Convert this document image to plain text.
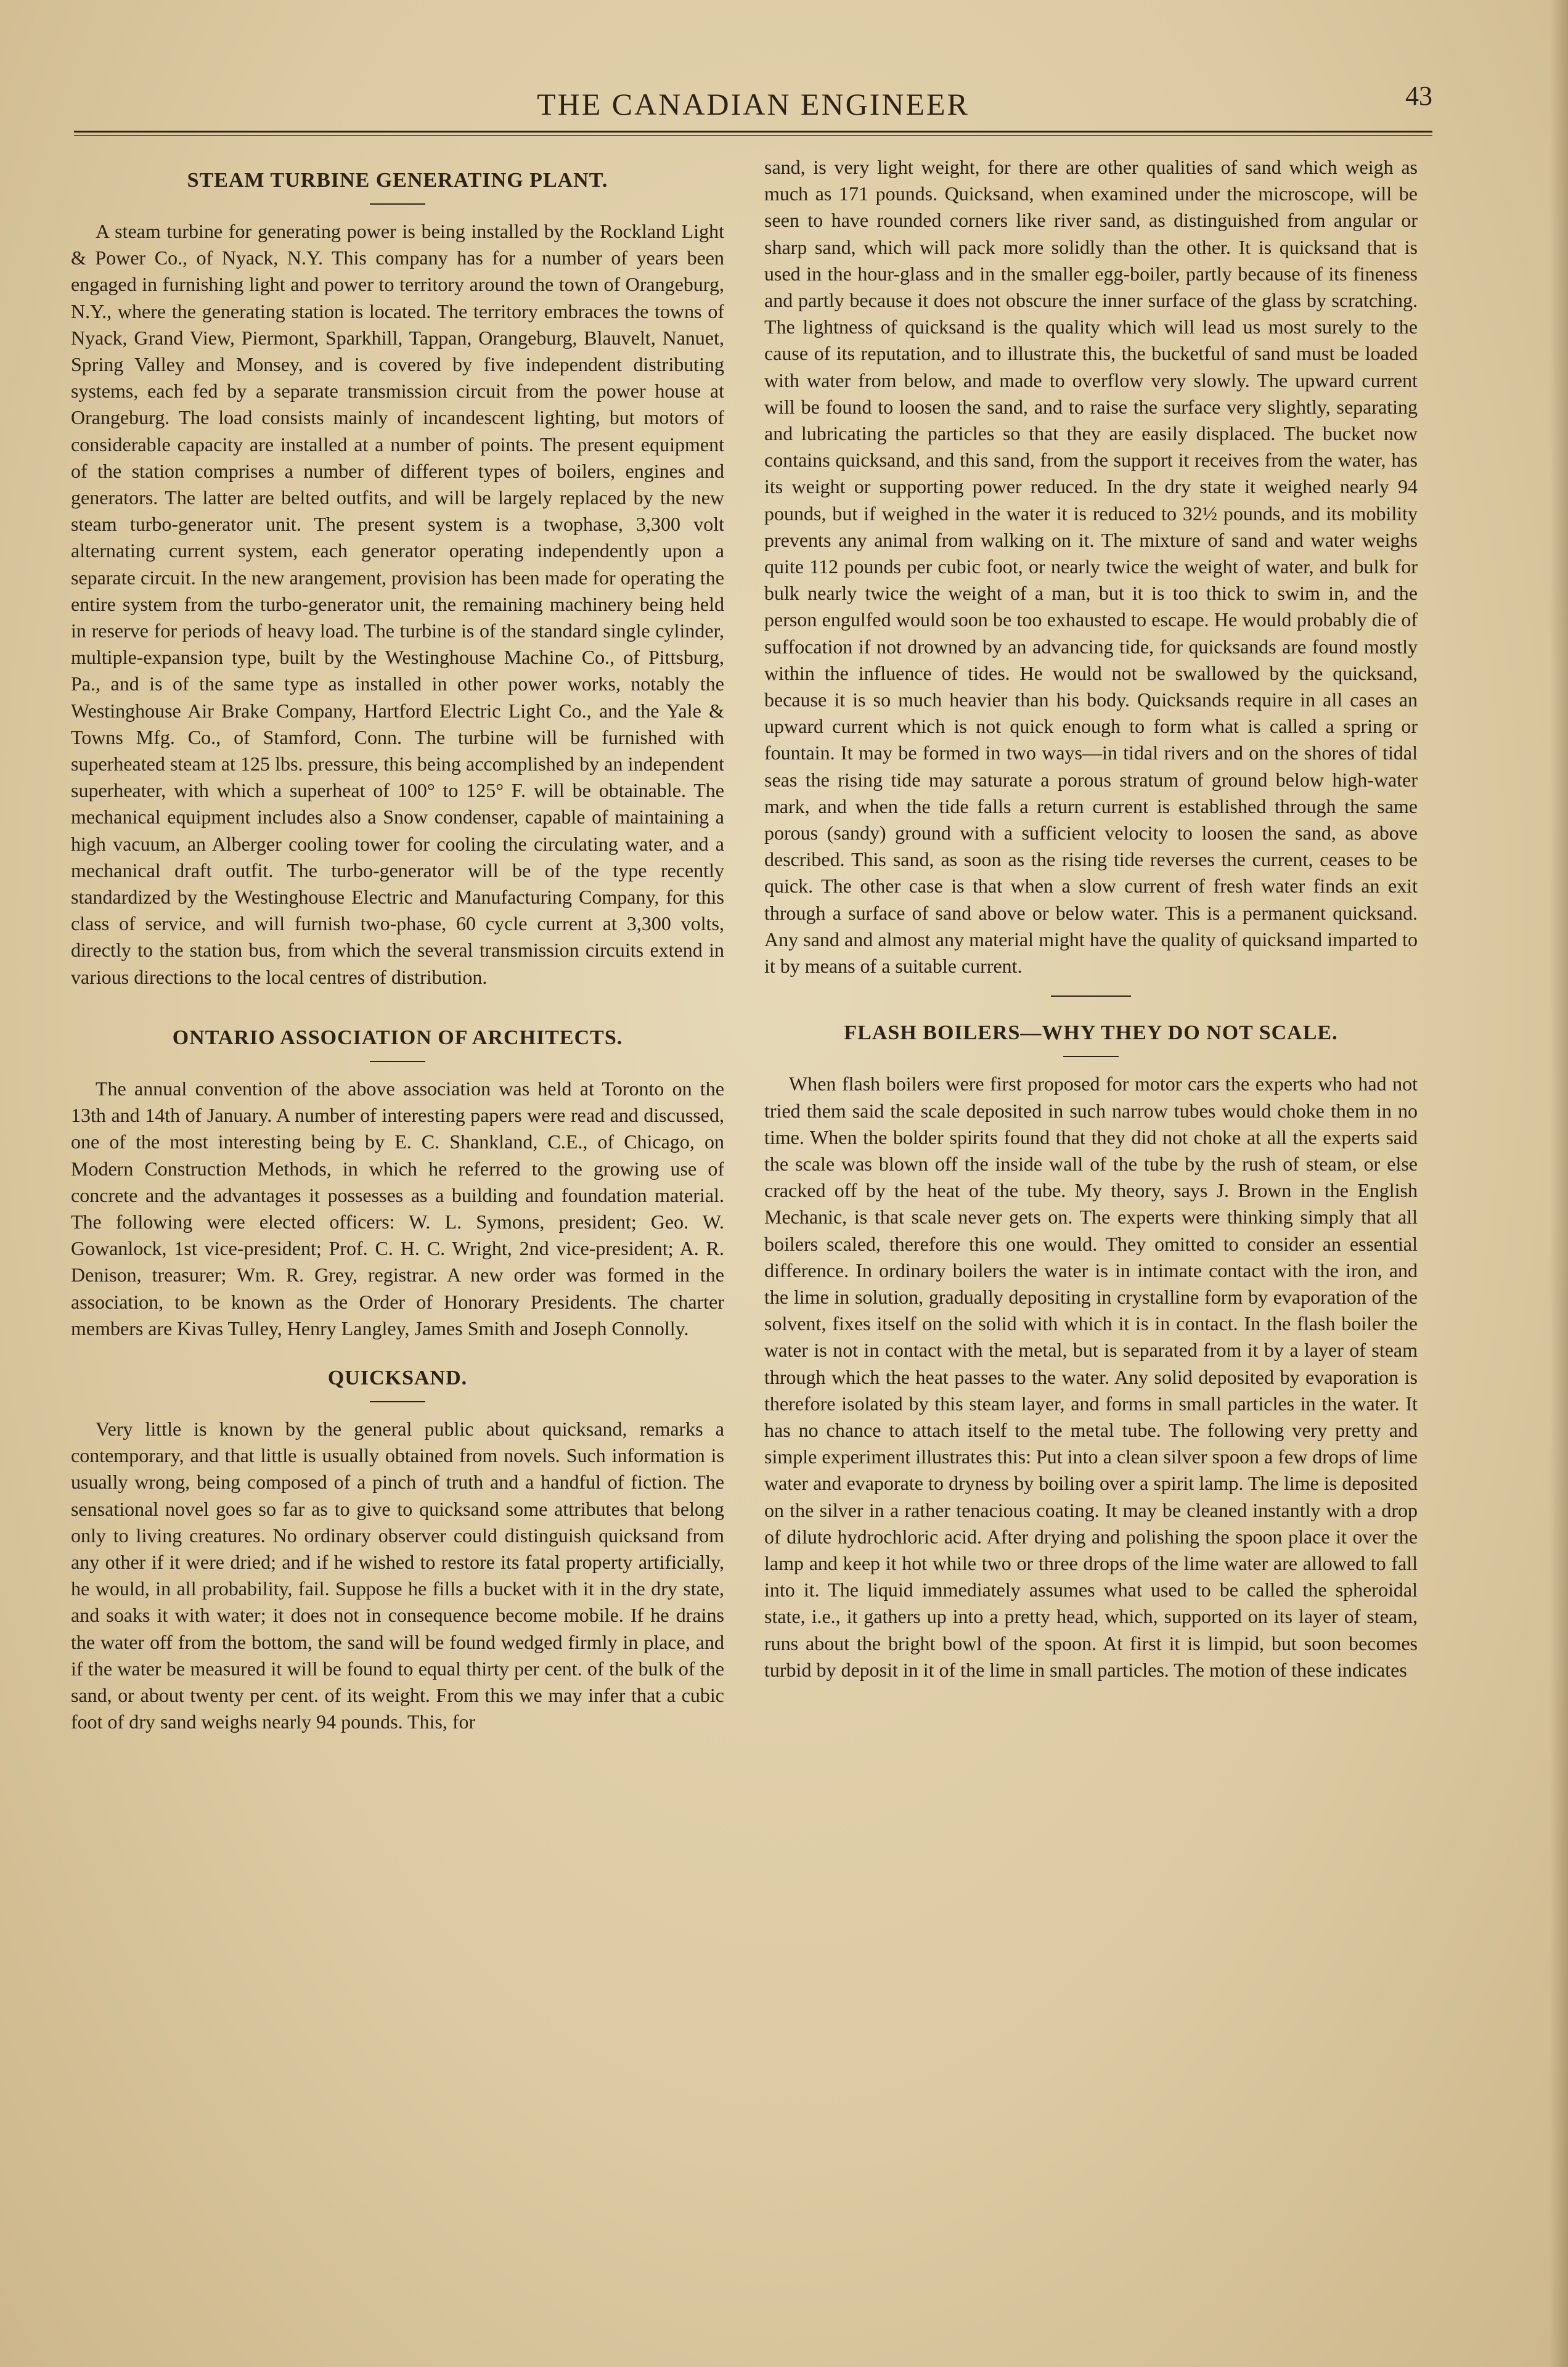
THE CANADIAN ENGINEER	43
STEAM TURBINE GENERATING PLANT.

A steam turbine for generating power is being installed by the Rockland Light & Power Co., of Nyack, N.Y. This company has for a number of years been engaged in furnishing light and power to territory around the town of Orangeburg, N.Y., where the generating station is located. The territory embraces the towns of Nyack, Grand View, Piermont, Sparkhill, Tappan, Orangeburg, Blauvelt, Nanuet, Spring Valley and Monsey, and is covered by five independent distributing systems, each fed by a separate transmission circuit from the power house at Orangeburg. The load consists mainly of incandescent lighting, but motors of considerable capacity are installed at a number of points. The present equipment of the station comprises a number of different types of boilers, engines and generators. The latter are belted outfits, and will be largely replaced by the new steam turbo-generator unit. The present system is a twophase, 3,300 volt alternating current system, each generator operating independently upon a separate circuit. In the new arangement, provision has been made for operating the entire system from the turbo-generator unit, the remaining machinery being held in reserve for periods of heavy load. The turbine is of the standard single cylinder, multiple-expansion type, built by the Westinghouse Machine Co., of Pittsburg, Pa., and is of the same type as installed in other power works, notably the Westinghouse Air Brake Company, Hartford Electric Light Co., and the Yale & Towns Mfg. Co., of Stamford, Conn. The turbine will be furnished with superheated steam at 125 lbs. pressure, this being accomplished by an independent superheater, with which a superheat of 100° to 125° F. will be obtainable. The mechanical equipment includes also a Snow condenser, capable of maintaining a high vacuum, an Alberger cooling tower for cooling the circulating water, and a mechanical draft outfit. The turbo-generator will be of the type recently standardized by the Westinghouse Electric and Manufacturing Company, for this class of service, and will furnish two-phase, 60 cycle current at 3,300 volts, directly to the station bus, from which the several transmission circuits extend in various directions to the local centres of distribution.

ONTARIO ASSOCIATION OF ARCHITECTS.

The annual convention of the above association was held at Toronto on the 13th and 14th of January. A number of interesting papers were read and discussed, one of the most interesting being by E. C. Shankland, C.E., of Chicago, on Modern Construction Methods, in which he referred to the growing use of concrete and the advantages it possesses as a building and foundation material. The following were elected officers: W. L. Symons, president; Geo. W. Gowanlock, 1st vice-president; Prof. C. H. C. Wright, 2nd vice-president; A. R. Denison, treasurer; Wm. R. Grey, registrar. A new order was formed in the association, to be known as the Order of Honorary Presidents. The charter members are Kivas Tulley, Henry Langley, James Smith and Joseph Connolly.

QUICKSAND.

Very little is known by the general public about quicksand, remarks a contemporary, and that little is usually obtained from novels. Such information is usually wrong, being composed of a pinch of truth and a handful of fiction. The sensational novel goes so far as to give to quicksand some attributes that belong only to living creatures. No ordinary observer could distinguish quicksand from any other if it were dried; and if he wished to restore its fatal property artificially, he would, in all probability, fail. Suppose he fills a bucket with it in the dry state, and soaks it with water; it does not in consequence become mobile. If he drains the water off from the bottom, the sand will be found wedged firmly in place, and if the water be measured it will be found to equal thirty per cent. of the bulk of the sand, or about twenty per cent. of its weight. From this we may infer that a cubic foot of dry sand weighs nearly 94 pounds. This, for

sand, is very light weight, for there are other qualities of sand which weigh as much as 171 pounds. Quicksand, when examined under the microscope, will be seen to have rounded corners like river sand, as distinguished from angular or sharp sand, which will pack more solidly than the other. It is quicksand that is used in the hour-glass and in the smaller egg-boiler, partly because of its fineness and partly because it does not obscure the inner surface of the glass by scratching. The lightness of quicksand is the quality which will lead us most surely to the cause of its reputation, and to illustrate this, the bucketful of sand must be loaded with water from below, and made to overflow very slowly. The upward current will be found to loosen the sand, and to raise the surface very slightly, separating and lubricating the particles so that they are easily displaced. The bucket now contains quicksand, and this sand, from the support it receives from the water, has its weight or supporting power reduced. In the dry state it weighed nearly 94 pounds, but if weighed in the water it is reduced to 32½ pounds, and its mobility prevents any animal from walking on it. The mixture of sand and water weighs quite 112 pounds per cubic foot, or nearly twice the weight of water, and bulk for bulk nearly twice the weight of a man, but it is too thick to swim in, and the person engulfed would soon be too exhausted to escape. He would probably die of suffocation if not drowned by an advancing tide, for quicksands are found mostly within the influence of tides. He would not be swallowed by the quicksand, because it is so much heavier than his body. Quicksands require in all cases an upward current which is not quick enough to form what is called a spring or fountain. It may be formed in two ways—in tidal rivers and on the shores of tidal seas the rising tide may saturate a porous stratum of ground below high-water mark, and when the tide falls a return current is established through the same porous (sandy) ground with a sufficient velocity to loosen the sand, as above described. This sand, as soon as the rising tide reverses the current, ceases to be quick. The other case is that when a slow current of fresh water finds an exit through a surface of sand above or below water. This is a permanent quicksand. Any sand and almost any material might have the quality of quicksand imparted to it by means of a suitable current.

FLASH BOILERS—WHY THEY DO NOT SCALE.

When flash boilers were first proposed for motor cars the experts who had not tried them said the scale deposited in such narrow tubes would choke them in no time. When the bolder spirits found that they did not choke at all the experts said the scale was blown off the inside wall of the tube by the rush of steam, or else cracked off by the heat of the tube. My theory, says J. Brown in the English Mechanic, is that scale never gets on. The experts were thinking simply that all boilers scaled, therefore this one would. They omitted to consider an essential difference. In ordinary boilers the water is in intimate contact with the iron, and the lime in solution, gradually depositing in crystalline form by evaporation of the solvent, fixes itself on the solid with which it is in contact. In the flash boiler the water is not in contact with the metal, but is separated from it by a layer of steam through which the heat passes to the water. Any solid deposited by evaporation is therefore isolated by this steam layer, and forms in small particles in the water. It has no chance to attach itself to the metal tube. The following very pretty and simple experiment illustrates this: Put into a clean silver spoon a few drops of lime water and evaporate to dryness by boiling over a spirit lamp. The lime is deposited on the silver in a rather tenacious coating. It may be cleaned instantly with a drop of dilute hydrochloric acid. After drying and polishing the spoon place it over the lamp and keep it hot while two or three drops of the lime water are allowed to fall into it. The liquid immediately assumes what used to be called the spheroidal state, i.e., it gathers up into a pretty head, which, supported on its layer of steam, runs about the bright bowl of the spoon. At first it is limpid, but soon becomes turbid by deposit in it of the lime in small particles. The motion of these indicates
